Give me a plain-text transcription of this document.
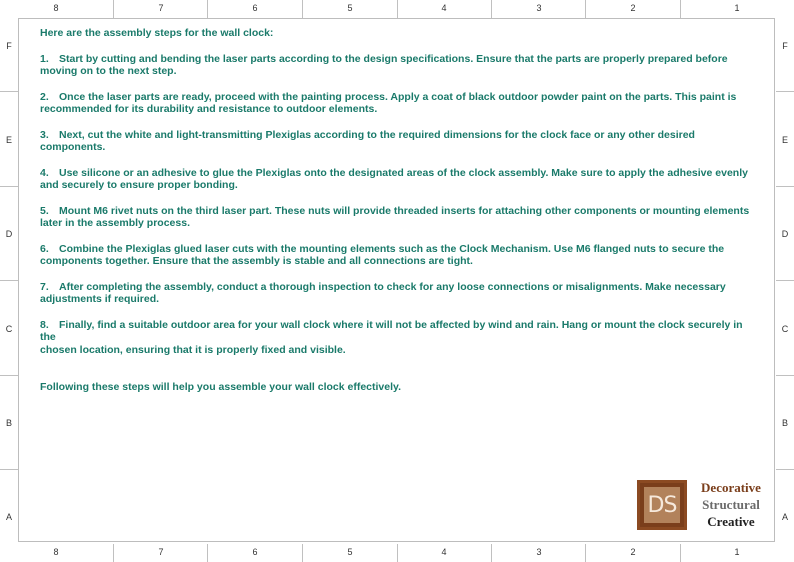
8	7	6	5	4	3	2	1
8	7	6	5	4	3	2	1
F
E
D
C
B
A
F
E
D
C
B
A
Here are the assembly steps for the wall clock:
1. Start by cutting and bending the laser parts according to the design specifications. Ensure that the parts are properly prepared before moving on to the next step.
2. Once the laser parts are ready, proceed with the painting process. Apply a coat of black outdoor powder paint on the parts. This paint is recommended for its durability and resistance to outdoor elements.
3. Next, cut the white and light-transmitting Plexiglas according to the required dimensions for the clock face or any other desired components.
4. Use silicone or an adhesive to glue the Plexiglas onto the designated areas of the clock assembly. Make sure to apply the adhesive evenly and securely to ensure proper bonding.
5. Mount M6 rivet nuts on the third laser part. These nuts will provide threaded inserts for attaching other components or mounting elements later in the assembly process.
6. Combine the Plexiglas glued laser cuts with the mounting elements such as the Clock Mechanism. Use M6 flanged nuts to secure the components together. Ensure that the assembly is stable and all connections are tight.
7. After completing the assembly, conduct a thorough inspection to check for any loose connections or misalignments. Make necessary
adjustments if required.
8. Finally, find a suitable outdoor area for your wall clock where it will not be affected by wind and rain. Hang or mount the clock securely in the
chosen location, ensuring that it is properly fixed and visible.
Following these steps will help you assemble your wall clock effectively.
DS
Decorative
Structural
Creative
